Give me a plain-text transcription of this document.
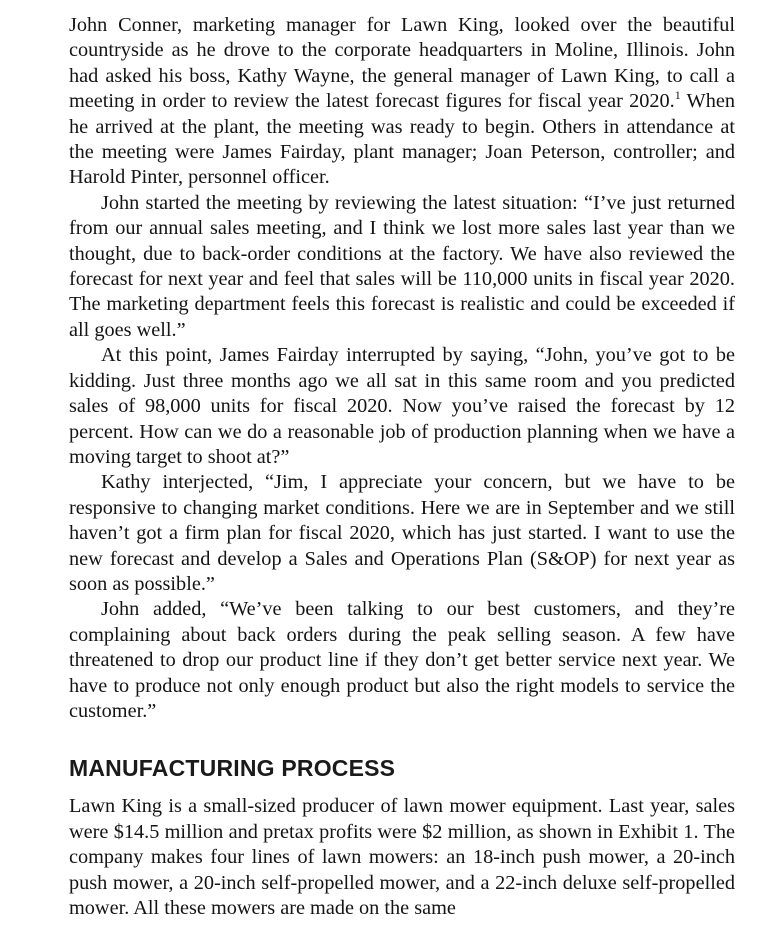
John Conner, marketing manager for Lawn King, looked over the beautiful countryside as he drove to the corporate headquarters in Moline, Illinois. John had asked his boss, Kathy Wayne, the general manager of Lawn King, to call a meeting in order to review the latest forecast figures for fiscal year 2020.$^1$ When he arrived at the plant, the meeting was ready to begin. Others in attendance at the meeting were James Fairday, plant manager; Joan Peterson, controller; and Harold Pinter, personnel officer.

John started the meeting by reviewing the latest situation: “I’ve just returned from our annual sales meeting, and I think we lost more sales last year than we thought, due to back-order conditions at the factory. We have also reviewed the forecast for next year and feel that sales will be 110,000 units in fiscal year 2020. The marketing department feels this forecast is realistic and could be exceeded if all goes well.”

At this point, James Fairday interrupted by saying, “John, you’ve got to be kidding. Just three months ago we all sat in this same room and you predicted sales of 98,000 units for fiscal 2020. Now you’ve raised the forecast by 12 percent. How can we do a reasonable job of production planning when we have a moving target to shoot at?”

Kathy interjected, “Jim, I appreciate your concern, but we have to be responsive to changing market conditions. Here we are in September and we still haven’t got a firm plan for fiscal 2020, which has just started. I want to use the new forecast and develop a Sales and Operations Plan (S&OP) for next year as soon as possible.”

John added, “We’ve been talking to our best customers, and they’re complaining about back orders during the peak selling season. A few have threatened to drop our product line if they don’t get better service next year. We have to produce not only enough product but also the right models to service the customer.”

MANUFACTURING PROCESS

Lawn King is a small-sized producer of lawn mower equipment. Last year, sales were $14.5 million and pretax profits were $2 million, as shown in Exhibit 1. The company makes four lines of lawn mowers: an 18-inch push mower, a 20-inch push mower, a 20-inch self-propelled mower, and a 22-inch deluxe self-propelled mower. All these mowers are made on the same
